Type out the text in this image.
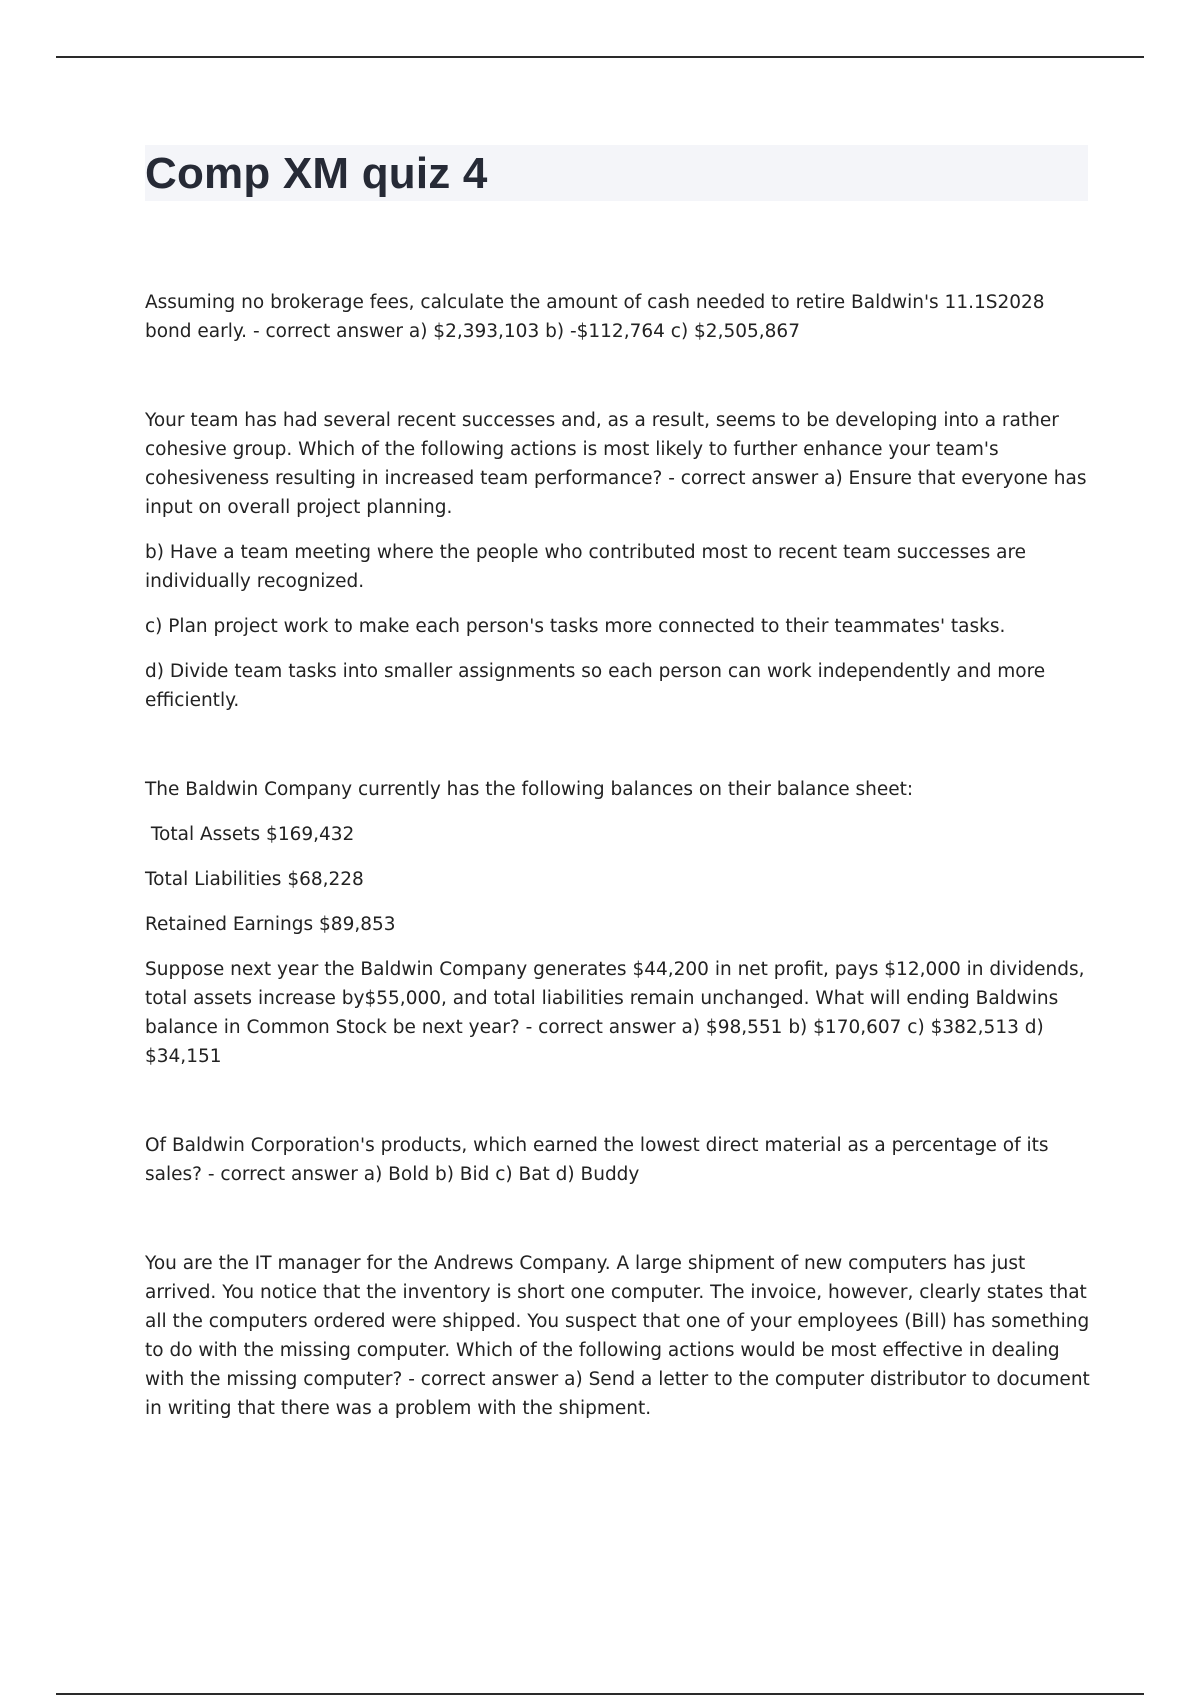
Comp XM quiz 4

Assuming no brokerage fees, calculate the amount of cash needed to retire Baldwin's 11.1S2028 bond early. - correct answer a) $2,393,103 b) -$112,764 c) $2,505,867

Your team has had several recent successes and, as a result, seems to be developing into a rather cohesive group. Which of the following actions is most likely to further enhance your team's cohesiveness resulting in increased team performance? - correct answer a) Ensure that everyone has input on overall project planning.

b) Have a team meeting where the people who contributed most to recent team successes are individually recognized.

c) Plan project work to make each person's tasks more connected to their teammates' tasks.

d) Divide team tasks into smaller assignments so each person can work independently and more efficiently.

The Baldwin Company currently has the following balances on their balance sheet:

Total Assets $169,432

Total Liabilities $68,228

Retained Earnings $89,853

Suppose next year the Baldwin Company generates $44,200 in net profit, pays $12,000 in dividends, total assets increase by$55,000, and total liabilities remain unchanged. What will ending Baldwins balance in Common Stock be next year? - correct answer a) $98,551 b) $170,607 c) $382,513 d) $34,151

Of Baldwin Corporation's products, which earned the lowest direct material as a percentage of its sales? - correct answer a) Bold b) Bid c) Bat d) Buddy

You are the IT manager for the Andrews Company. A large shipment of new computers has just arrived. You notice that the inventory is short one computer. The invoice, however, clearly states that all the computers ordered were shipped. You suspect that one of your employees (Bill) has something to do with the missing computer. Which of the following actions would be most effective in dealing with the missing computer? - correct answer a) Send a letter to the computer distributor to document in writing that there was a problem with the shipment.
